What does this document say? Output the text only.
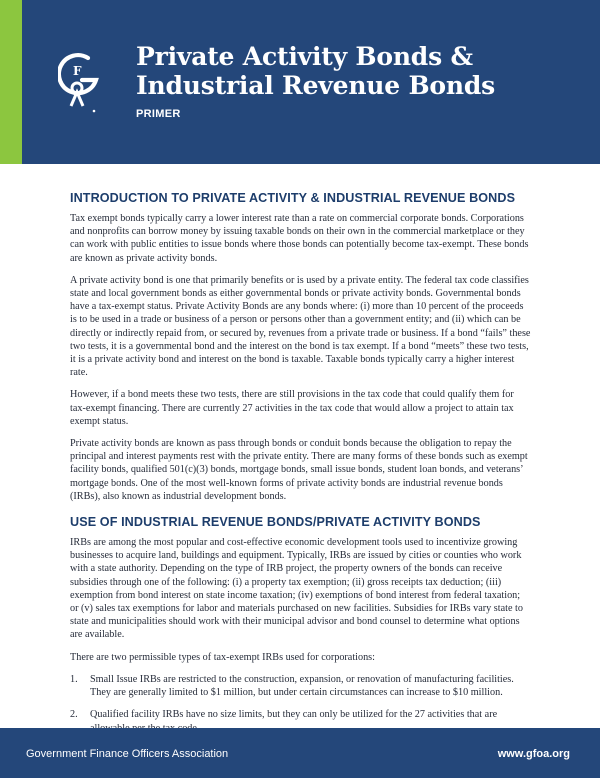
F Private Activity Bonds &
Industrial Revenue Bonds
PRIMER
INTRODUCTION TO PRIVATE ACTIVITY & INDUSTRIAL REVENUE BONDS

Tax exempt bonds typically carry a lower interest rate than a rate on commercial corporate bonds. Corporations and nonprofits can borrow money by issuing taxable bonds on their own in the commercial marketplace or they can work with public entities to issue bonds where those bonds can potentially become tax-exempt. These bonds are known as private activity bonds.

A private activity bond is one that primarily benefits or is used by a private entity. The federal tax code classifies state and local government bonds as either governmental bonds or private activity bonds. Governmental bonds have a tax-exempt status. Private Activity Bonds are any bonds where: (i) more than 10 percent of the proceeds is to be used in a trade or business of a person or persons other than a government entity; and (ii) which can be directly or indirectly repaid from, or secured by, revenues from a private trade or business. If a bond “fails” these two tests, it is a governmental bond and the interest on the bond is tax exempt. If a bond “meets” these two tests, it is a private activity bond and interest on the bond is taxable. Taxable bonds typically carry a higher interest rate.

However, if a bond meets these two tests, there are still provisions in the tax code that could qualify them for tax-exempt financing. There are currently 27 activities in the tax code that would allow a project to attain tax exempt status.

Private activity bonds are known as pass through bonds or conduit bonds because the obligation to repay the principal and interest payments rest with the private entity. There are many forms of these bonds such as exempt facility bonds, qualified 501(c)(3) bonds, mortgage bonds, small issue bonds, student loan bonds, and veterans’ mortgage bonds. One of the most well-known forms of private activity bonds are industrial revenue bonds (IRBs), also known as industrial development bonds.

USE OF INDUSTRIAL REVENUE BONDS/PRIVATE ACTIVITY BONDS

IRBs are among the most popular and cost-effective economic development tools used to incentivize growing businesses to acquire land, buildings and equipment. Typically, IRBs are issued by cities or counties who work with a state authority. Depending on the type of IRB project, the property owners of the bonds can receive subsidies through one of the following: (i) a property tax exemption; (ii) gross receipts tax deduction; (iii) exemption from bond interest on state income taxation; (iv) exemptions of bond interest from federal taxation; or (v) sales tax exemptions for labor and materials purchased on new facilities. Subsidies for IRBs vary state to state and municipalities should work with their municipal advisor and bond counsel to determine what options are available.

There are two permissible types of tax-exempt IRBs used for corporations:

1. Small Issue IRBs are restricted to the construction, expansion, or renovation of manufacturing facilities. They are generally limited to $1 million, but under certain circumstances can increase to $10 million.
2. Qualified facility IRBs have no size limits, but they can only be utilized for the 27 activities that are
Government Finance Officers Association	www.gfoa.org
